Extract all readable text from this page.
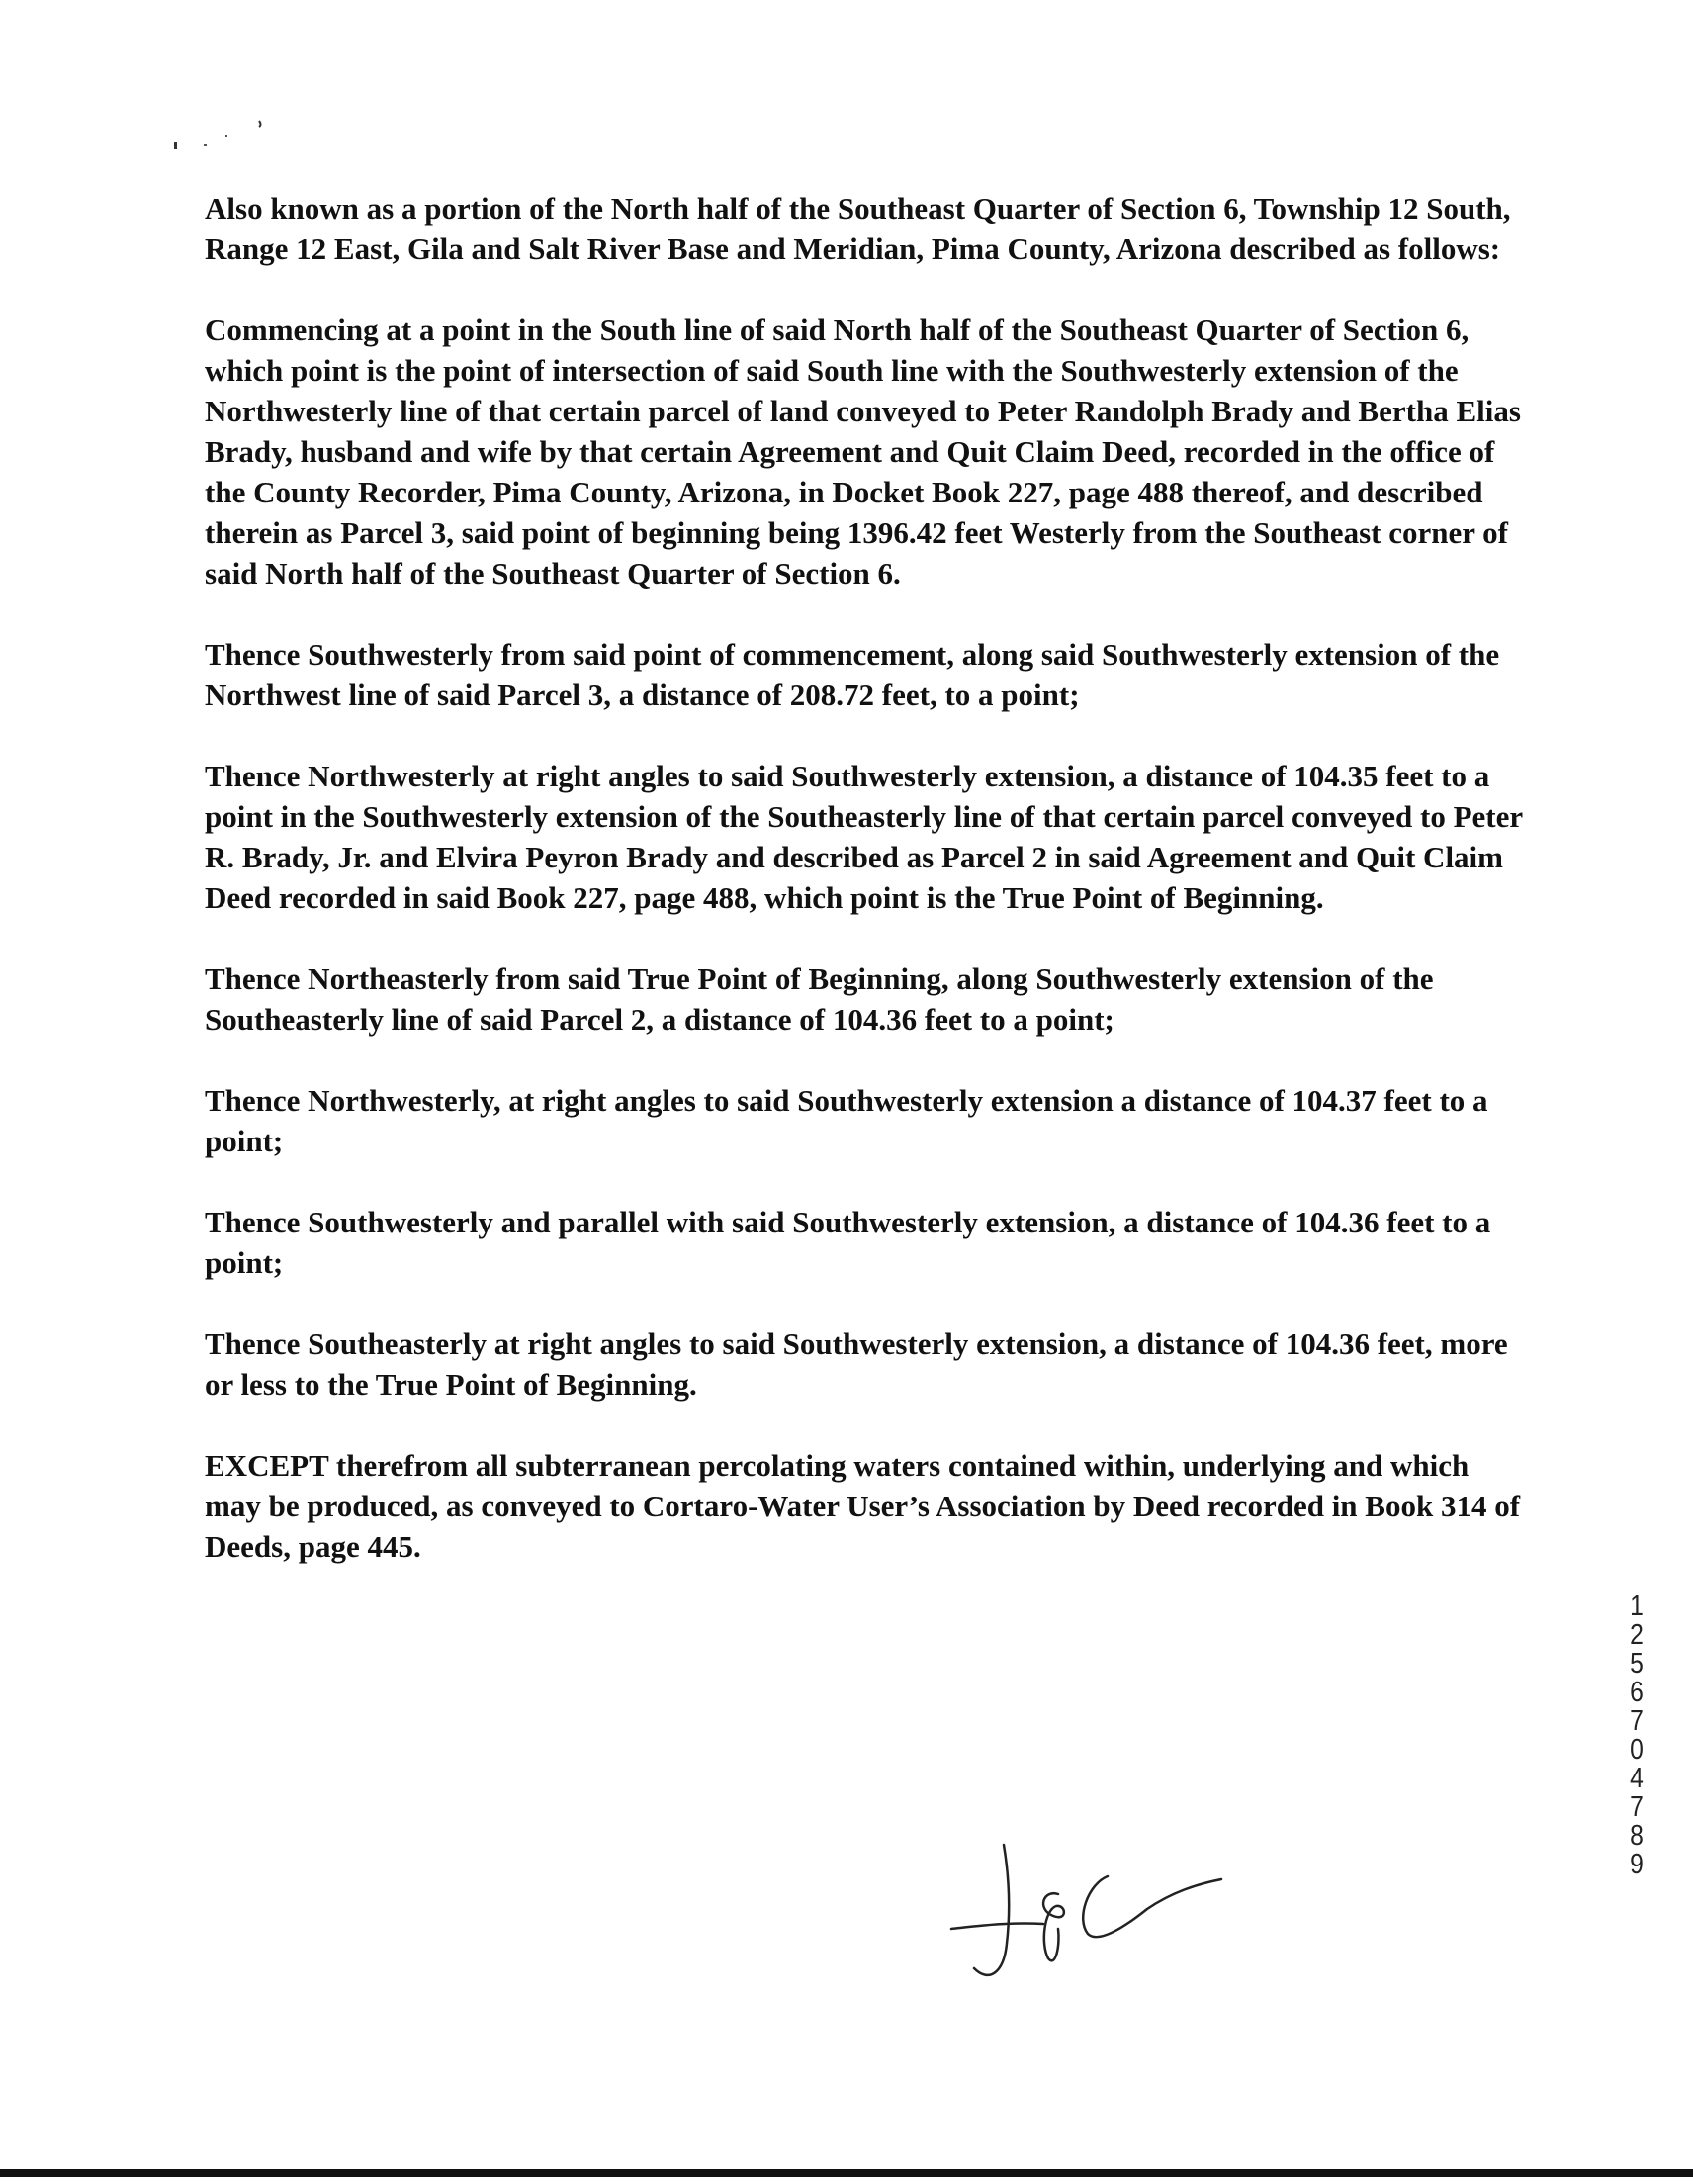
Also known as a portion of the North half of the Southeast Quarter of Section 6, Township 12 South, Range 12 East, Gila and Salt River Base and Meridian, Pima County, Arizona described as follows:

Commencing at a point in the South line of said North half of the Southeast Quarter of Section 6, which point is the point of intersection of said South line with the Southwesterly extension of the Northwesterly line of that certain parcel of land conveyed to Peter Randolph Brady and Bertha Elias Brady, husband and wife by that certain Agreement and Quit Claim Deed, recorded in the office of the County Recorder, Pima County, Arizona, in Docket Book 227, page 488 thereof, and described therein as Parcel 3, said point of beginning being 1396.42 feet Westerly from the Southeast corner of said North half of the Southeast Quarter of Section 6.

Thence Southwesterly from said point of commencement, along said Southwesterly extension of the Northwest line of said Parcel 3, a distance of 208.72 feet, to a point;

Thence Northwesterly at right angles to said Southwesterly extension, a distance of 104.35 feet to a point in the Southwesterly extension of the Southeasterly line of that certain parcel conveyed to Peter R. Brady, Jr. and Elvira Peyron Brady and described as Parcel 2 in said Agreement and Quit Claim Deed recorded in said Book 227, page 488, which point is the True Point of Beginning.

Thence Northeasterly from said True Point of Beginning, along Southwesterly extension of the Southeasterly line of said Parcel 2, a distance of 104.36 feet to a point;

Thence Northwesterly, at right angles to said Southwesterly extension a distance of 104.37 feet to a point;

Thence Southwesterly and parallel with said Southwesterly extension, a distance of 104.36 feet to a point;

Thence Southeasterly at right angles to said Southwesterly extension, a distance of 104.36 feet, more or less to the True Point of Beginning.

EXCEPT therefrom all subterranean percolating waters contained within, underlying and which may be produced, as conveyed to Cortaro-Water User’s Association by Deed recorded in Book 314 of Deeds, page 445.

1
2
5
6
7
0
4
7
8
9
